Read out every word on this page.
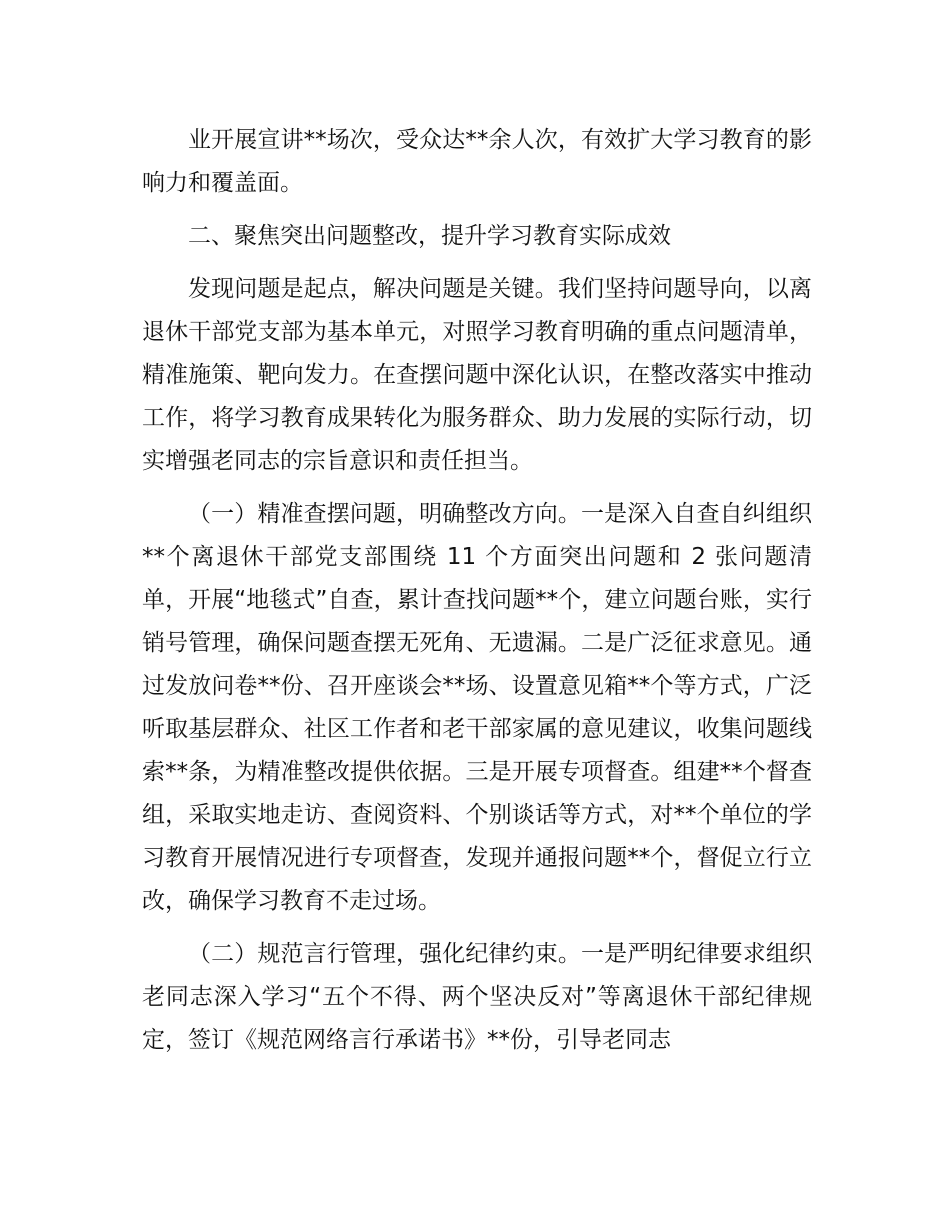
业开展宣讲**场次，受众达**余人次，有效扩大学习教育的影响力和覆盖面。

二、聚焦突出问题整改，提升学习教育实际成效

发现问题是起点，解决问题是关键。我们坚持问题导向，以离退休干部党支部为基本单元，对照学习教育明确的重点问题清单，精准施策、靶向发力。在查摆问题中深化认识，在整改落实中推动工作，将学习教育成果转化为服务群众、助力发展的实际行动，切实增强老同志的宗旨意识和责任担当。

（一）精准查摆问题，明确整改方向。一是深入自查自纠组织**个离退休干部党支部围绕 11 个方面突出问题和 2 张问题清单，开展“地毯式”自查，累计查找问题**个，建立问题台账，实行销号管理，确保问题查摆无死角、无遗漏。二是广泛征求意见。通过发放问卷**份、召开座谈会**场、设置意见箱**个等方式，广泛听取基层群众、社区工作者和老干部家属的意见建议，收集问题线索**条，为精准整改提供依据。三是开展专项督查。组建**个督查组，采取实地走访、查阅资料、个别谈话等方式，对**个单位的学习教育开展情况进行专项督查，发现并通报问题**个，督促立行立改，确保学习教育不走过场。

（二）规范言行管理，强化纪律约束。一是严明纪律要求组织老同志深入学习“五个不得、两个坚决反对”等离退休干部纪律规定，签订《规范网络言行承诺书》**份，引导老同志
